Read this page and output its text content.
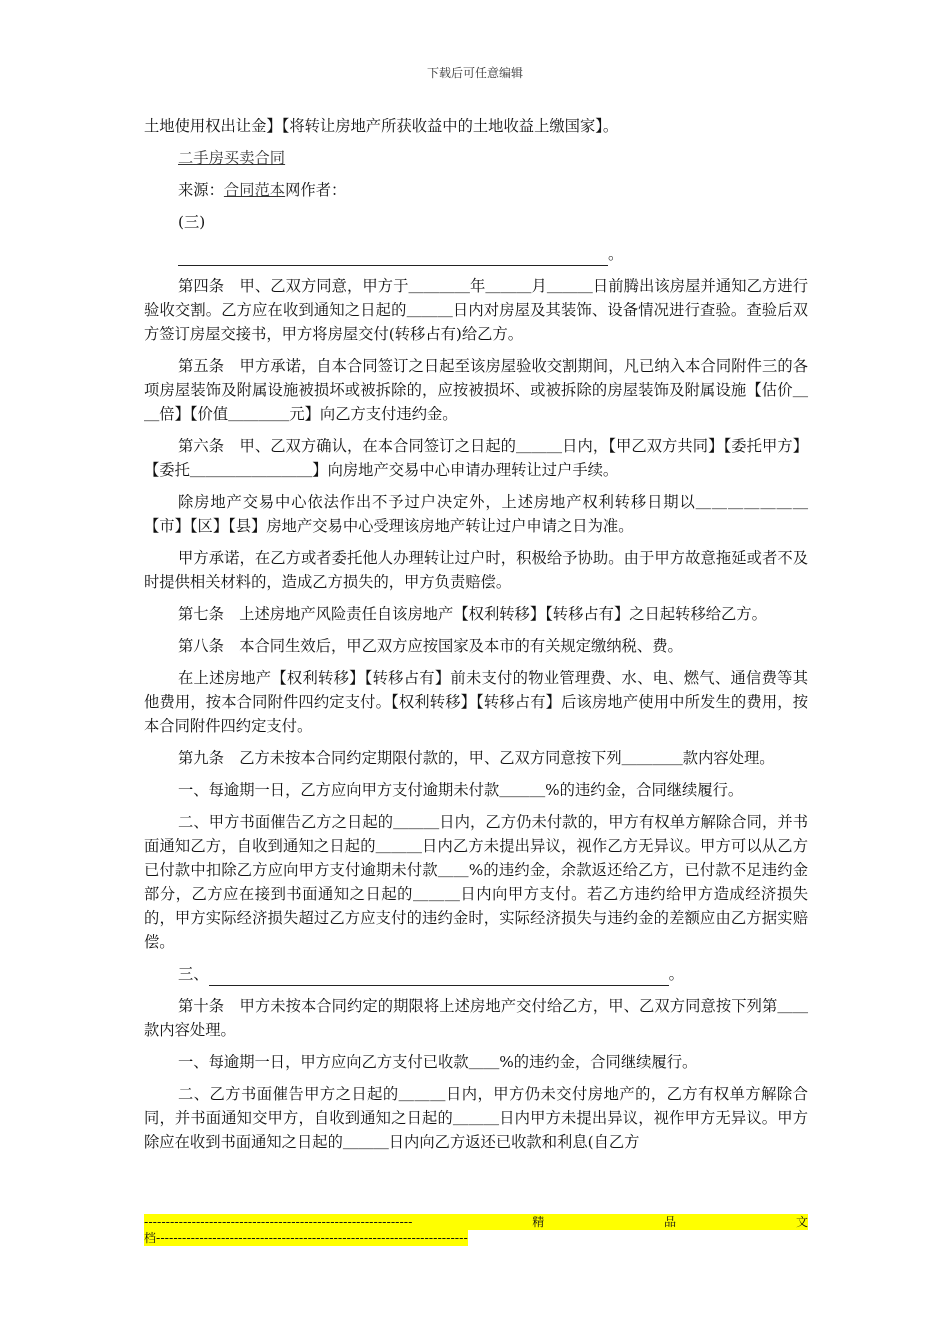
下载后可任意编辑

土地使用权出让金】【将转让房地产所获收益中的土地收益上缴国家】。

二手房买卖合同

来源：合同范本网作者：

(三)

。

第四条　甲、乙双方同意，甲方于＿＿＿＿年＿＿＿月＿＿＿日前腾出该房屋并通知乙方进行验收交割。乙方应在收到通知之日起的＿＿＿日内对房屋及其装饰、设备情况进行查验。查验后双方签订房屋交接书，甲方将房屋交付(转移占有)给乙方。

第五条　甲方承诺，自本合同签订之日起至该房屋验收交割期间，凡已纳入本合同附件三的各项房屋装饰及附属设施被损坏或被拆除的，应按被损坏、或被拆除的房屋装饰及附属设施【估价＿＿倍】【价值＿＿＿＿元】向乙方支付违约金。

第六条　甲、乙双方确认，在本合同签订之日起的＿＿＿日内，【甲乙双方共同】【委托甲方】【委托＿＿＿＿＿＿＿＿】向房地产交易中心申请办理转让过户手续。

除房地产交易中心依法作出不予过户决定外，上述房地产权利转移日期以＿＿＿＿＿＿＿【市】【区】【县】房地产交易中心受理该房地产转让过户申请之日为准。

甲方承诺，在乙方或者委托他人办理转让过户时，积极给予协助。由于甲方故意拖延或者不及时提供相关材料的，造成乙方损失的，甲方负责赔偿。

第七条　上述房地产风险责任自该房地产【权利转移】【转移占有】之日起转移给乙方。

第八条　本合同生效后，甲乙双方应按国家及本市的有关规定缴纳税、费。

在上述房地产【权利转移】【转移占有】前未支付的物业管理费、水、电、燃气、通信费等其他费用，按本合同附件四约定支付。【权利转移】【转移占有】后该房地产使用中所发生的费用，按本合同附件四约定支付。

第九条　乙方未按本合同约定期限付款的，甲、乙双方同意按下列＿＿＿＿款内容处理。

一、每逾期一日，乙方应向甲方支付逾期未付款＿＿＿%的违约金，合同继续履行。

二、甲方书面催告乙方之日起的＿＿＿日内，乙方仍未付款的，甲方有权单方解除合同，并书面通知乙方，自收到通知之日起的＿＿＿日内乙方未提出异议，视作乙方无异议。甲方可以从乙方已付款中扣除乙方应向甲方支付逾期未付款＿＿%的违约金，余款返还给乙方，已付款不足违约金部分，乙方应在接到书面通知之日起的＿＿＿日内向甲方支付。若乙方违约给甲方造成经济损失的，甲方实际经济损失超过乙方应支付的违约金时，实际经济损失与违约金的差额应由乙方据实赔偿。

三、	。

第十条　甲方未按本合同约定的期限将上述房地产交付给乙方，甲、乙双方同意按下列第＿＿款内容处理。

一、每逾期一日，甲方应向乙方支付已收款＿＿%的违约金，合同继续履行。

二、乙方书面催告甲方之日起的＿＿＿日内，甲方仍未交付房地产的，乙方有权单方解除合同，并书面通知交甲方，自收到通知之日起的＿＿＿日内甲方未提出异议，视作甲方无异议。甲方除应在收到书面通知之日起的＿＿＿日内向乙方返还已收款和利息(自乙方

--------------------------------------------------------------	精	品	文
档------------------------------------------------------------------------
